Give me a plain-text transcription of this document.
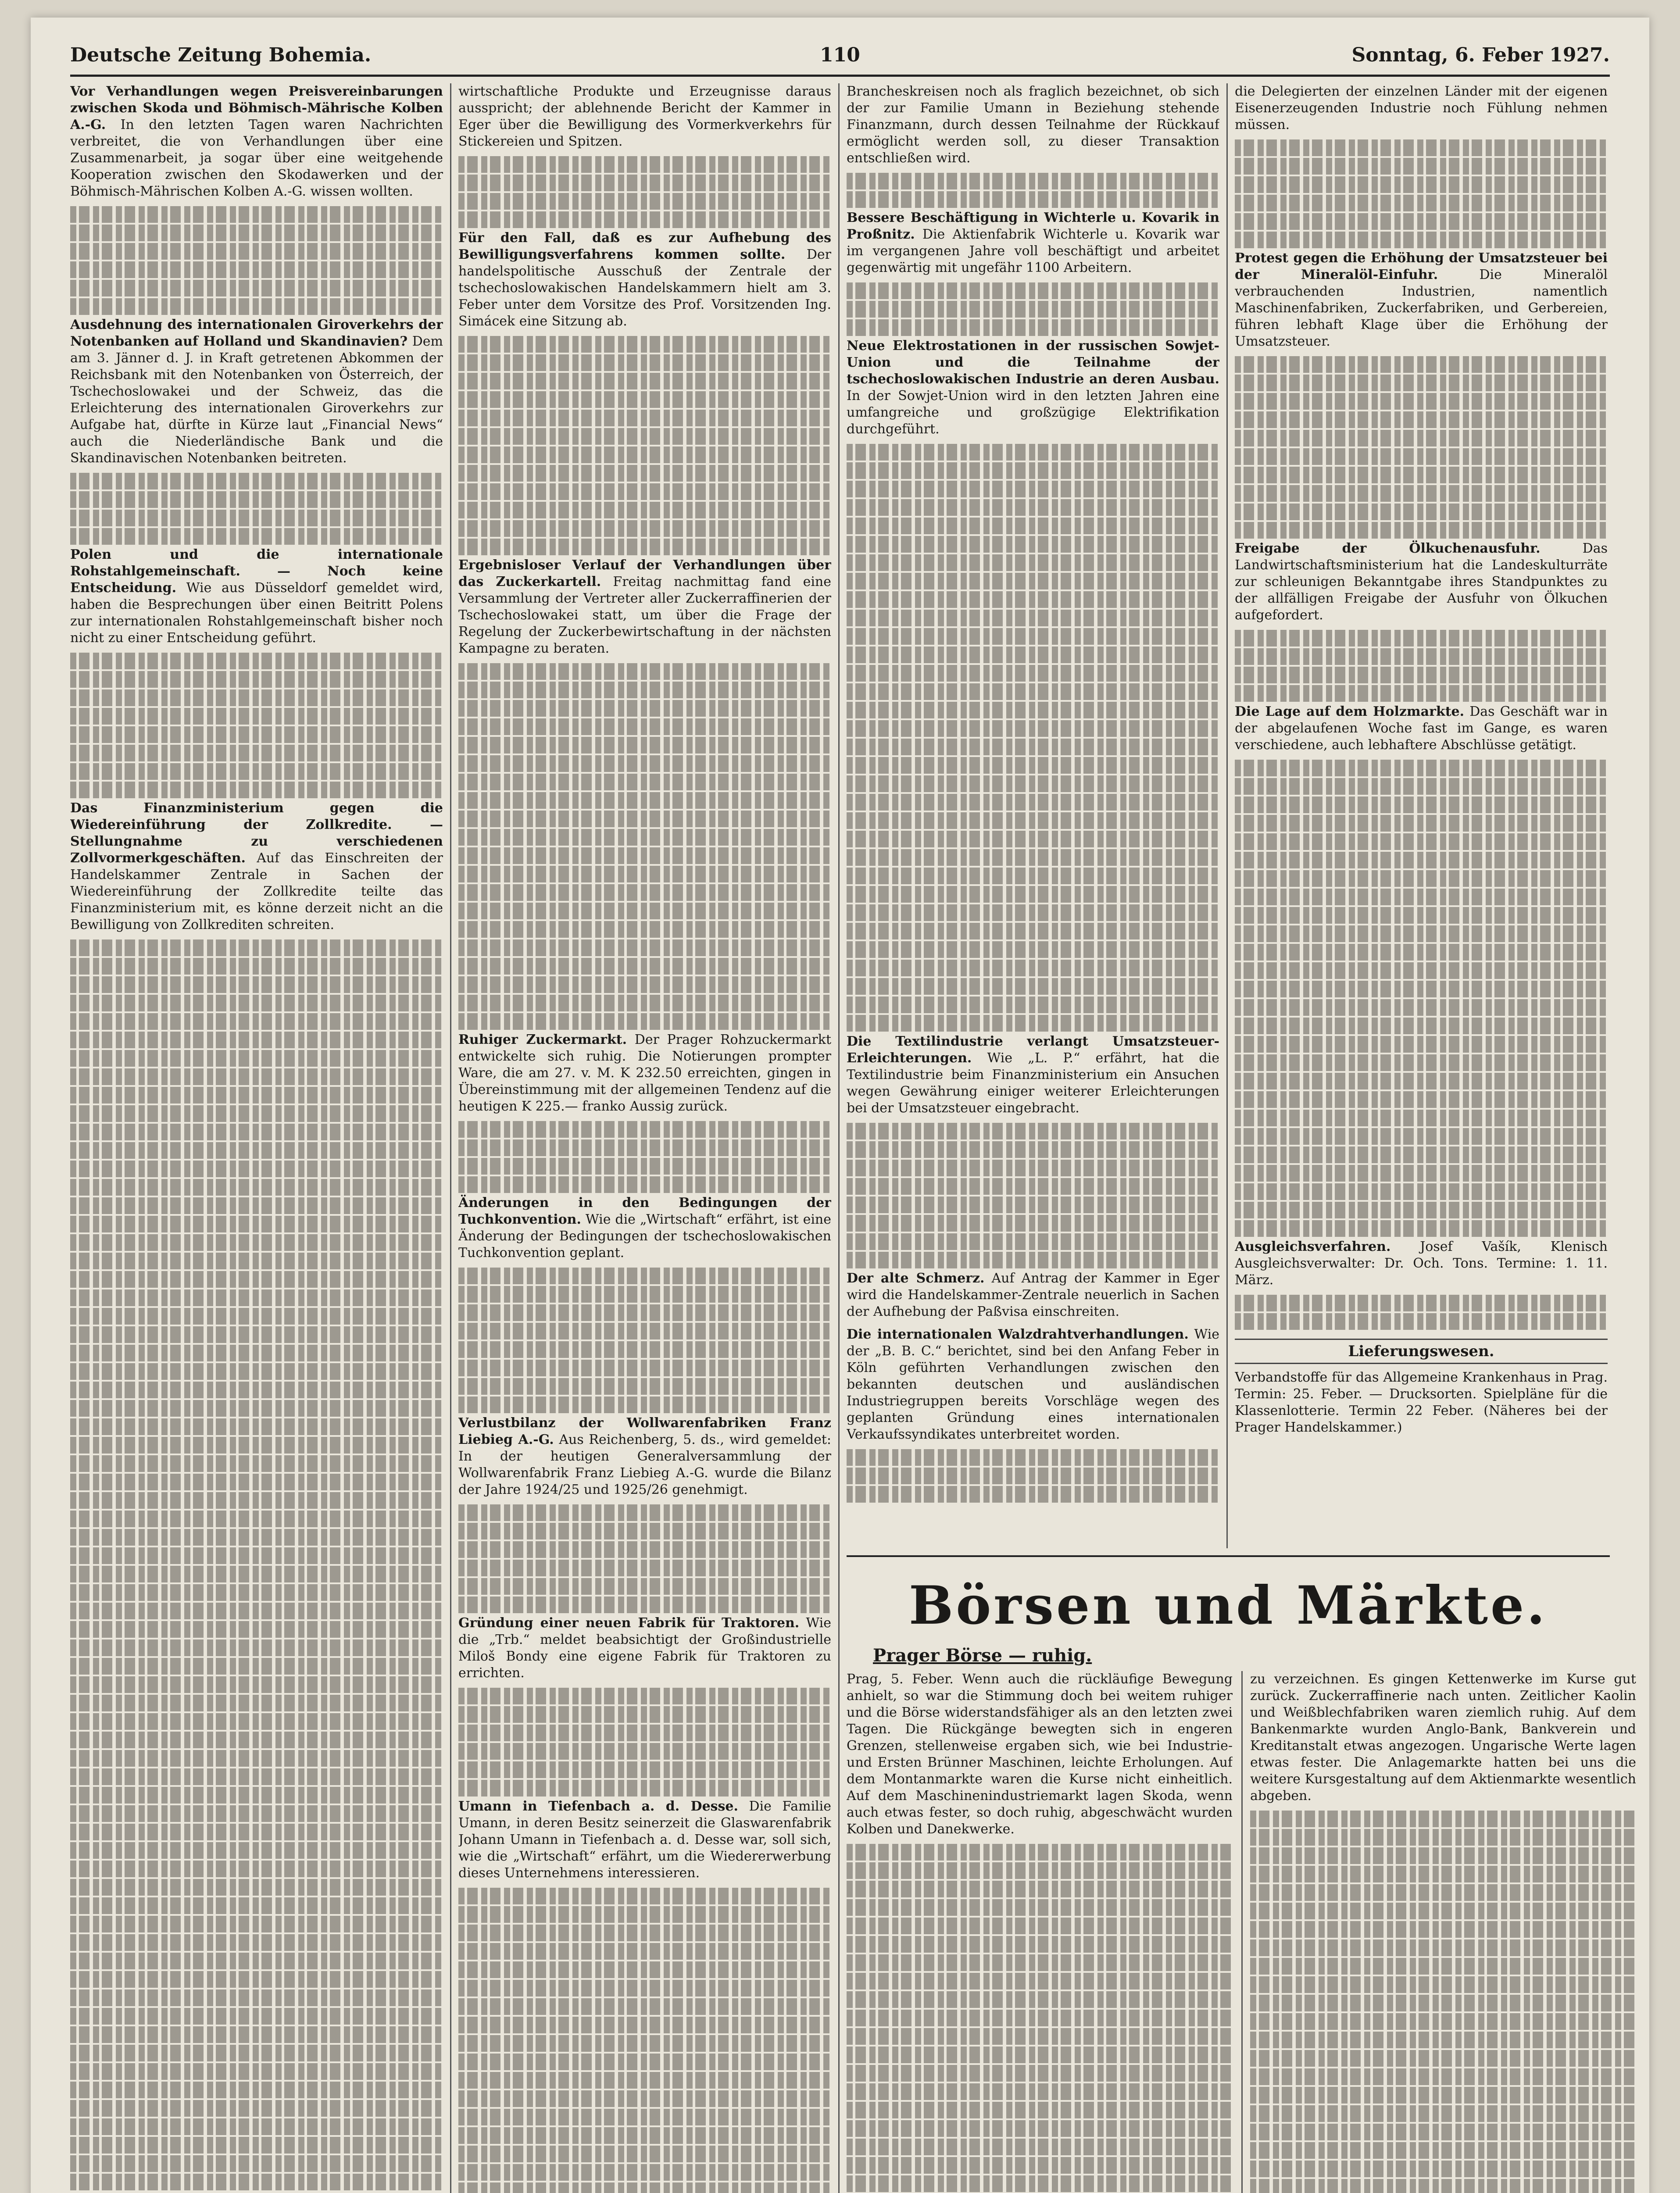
Deutsche Zeitung Bohemia.	110	Sonntag, 6. Feber 1927.

Vor Verhandlungen wegen Preisvereinbarungen zwischen Skoda und Böhmisch-Mährische Kolben A.-G. In den letzten Tagen waren Nachrichten verbreitet, die von Verhandlungen über eine Zusammenarbeit, ja sogar über eine weitgehende Kooperation zwischen den Skodawerken und der Böhmisch-Mährischen Kolben A.-G. wissen wollten.

Ausdehnung des internationalen Giroverkehrs der Notenbanken auf Holland und Skandinavien? Dem am 3. Jänner d. J. in Kraft getretenen Abkommen der Reichsbank mit den Notenbanken von Österreich, der Tschechoslowakei und der Schweiz, das die Erleichterung des internationalen Giroverkehrs zur Aufgabe hat, dürfte in Kürze laut „Financial News“ auch die Niederländische Bank und die Skandinavischen Notenbanken beitreten.

Polen und die internationale Rohstahlgemeinschaft. — Noch keine Entscheidung. Wie aus Düsseldorf gemeldet wird, haben die Besprechungen über einen Beitritt Polens zur internationalen Rohstahlgemeinschaft bisher noch nicht zu einer Entscheidung geführt.

Das Finanzministerium gegen die Wiedereinführung der Zollkredite. — Stellungnahme zu verschiedenen Zollvormerkgeschäften. Auf das Einschreiten der Handelskammer Zentrale in Sachen der Wiedereinführung der Zollkredite teilte das Finanzministerium mit, es könne derzeit nicht an die Bewilligung von Zollkrediten schreiten.

wirtschaftliche Produkte und Erzeugnisse daraus ausspricht; der ablehnende Bericht der Kammer in Eger über die Bewilligung des Vormerkverkehrs für Stickereien und Spitzen.

Für den Fall, daß es zur Aufhebung des Bewilligungsverfahrens kommen sollte. Der handelspolitische Ausschuß der Zentrale der tschechoslowakischen Handelskammern hielt am 3. Feber unter dem Vorsitze des Prof. Vorsitzenden Ing. Simácek eine Sitzung ab.

Ergebnisloser Verlauf der Verhandlungen über das Zuckerkartell. Freitag nachmittag fand eine Versammlung der Vertreter aller Zuckerraffinerien der Tschechoslowakei statt, um über die Frage der Regelung der Zuckerbewirtschaftung in der nächsten Kampagne zu beraten.

Ruhiger Zuckermarkt. Der Prager Rohzuckermarkt entwickelte sich ruhig. Die Notierungen prompter Ware, die am 27. v. M. K 232.50 erreichten, gingen in Übereinstimmung mit der allgemeinen Tendenz auf die heutigen K 225.— franko Aussig zurück.

Änderungen in den Bedingungen der Tuchkonvention. Wie die „Wirtschaft“ erfährt, ist eine Änderung der Bedingungen der tschechoslowakischen Tuchkonvention geplant.

Verlustbilanz der Wollwarenfabriken Franz Liebieg A.-G. Aus Reichenberg, 5. ds., wird gemeldet: In der heutigen Generalversammlung der Wollwarenfabrik Franz Liebieg A.-G. wurde die Bilanz der Jahre 1924/25 und 1925/26 genehmigt.

Gründung einer neuen Fabrik für Traktoren. Wie die „Trb.“ meldet beabsichtigt der Großindustrielle Miloš Bondy eine eigene Fabrik für Traktoren zu errichten.

Umann in Tiefenbach a. d. Desse. Die Familie Umann, in deren Besitz seinerzeit die Glaswarenfabrik Johann Umann in Tiefenbach a. d. Desse war, soll sich, wie die „Wirtschaft“ erfährt, um die Wiedererwerbung dieses Unternehmens interessieren.

Brancheskreisen noch als fraglich bezeichnet, ob sich der zur Familie Umann in Beziehung stehende Finanzmann, durch dessen Teilnahme der Rückkauf ermöglicht werden soll, zu dieser Transaktion entschließen wird.

Bessere Beschäftigung in Wichterle u. Kovarik in Proßnitz. Die Aktienfabrik Wichterle u. Kovarik war im vergangenen Jahre voll beschäftigt und arbeitet gegenwärtig mit ungefähr 1100 Arbeitern.

Neue Elektrostationen in der russischen Sowjet-Union und die Teilnahme der tschechoslowakischen Industrie an deren Ausbau. In der Sowjet-Union wird in den letzten Jahren eine umfangreiche und großzügige Elektrifikation durchgeführt.

Die Textilindustrie verlangt Umsatzsteuer-Erleichterungen. Wie „L. P.“ erfährt, hat die Textilindustrie beim Finanzministerium ein Ansuchen wegen Gewährung einiger weiterer Erleichterungen bei der Umsatzsteuer eingebracht.

Der alte Schmerz. Auf Antrag der Kammer in Eger wird die Handelskammer-Zentrale neuerlich in Sachen der Aufhebung der Paßvisa einschreiten.

Die internationalen Walzdrahtverhandlungen. Wie der „B. B. C.“ berichtet, sind bei den Anfang Feber in Köln geführten Verhandlungen zwischen den bekannten deutschen und ausländischen Industriegruppen bereits Vorschläge wegen des geplanten Gründung eines internationalen Verkaufssyndikates unterbreitet worden.

die Delegierten der einzelnen Länder mit der eigenen Eisenerzeugenden Industrie noch Fühlung nehmen müssen.

Protest gegen die Erhöhung der Umsatzsteuer bei der Mineralöl-Einfuhr.	Die Mineralöl verbrauchenden Industrien, namentlich Maschinenfabriken, Zuckerfabriken, und Gerbereien, führen lebhaft Klage über die Erhöhung der Umsatzsteuer.

Freigabe der Ölkuchenausfuhr.	Das Landwirtschaftsministerium hat die Landeskulturräte zur schleunigen Bekanntgabe ihres Standpunktes zu der allfälligen Freigabe der Ausfuhr von Ölkuchen aufgefordert.

Die Lage auf dem Holzmarkte. Das Geschäft war in der abgelaufenen Woche fast im Gange, es waren verschiedene, auch lebhaftere Abschlüsse getätigt.

Ausgleichsverfahren. Josef Vašík, Klenisch Ausgleichsverwalter: Dr. Och. Tons. Termine: 1. 11. März.

Lieferungswesen.

Verbandstoffe für das Allgemeine Krankenhaus in Prag. Termin: 25. Feber. — Drucksorten. Spielpläne für die Klassenlotterie. Termin 22 Feber. (Näheres bei der Prager Handelskammer.)

Börsen und Märkte.
Prager Börse — ruhig.

Prag, 5. Feber. Wenn auch die rückläufige Bewegung anhielt, so war die Stimmung doch bei weitem ruhiger und die Börse widerstandsfähiger als an den letzten zwei Tagen. Die Rückgänge bewegten sich in engeren Grenzen, stellenweise ergaben sich, wie bei Industrie- und Ersten Brünner Maschinen, leichte Erholungen. Auf dem Montanmarkte waren die Kurse nicht einheitlich. Auf dem Maschinenindustriemarkt lagen Skoda, wenn auch etwas fester, so doch ruhig, abgeschwächt wurden Kolben und Danekwerke.

zu verzeichnen. Es gingen Kettenwerke im Kurse gut zurück. Zuckerraffinerie nach unten. Zeitlicher Kaolin und Weißblechfabriken waren ziemlich ruhig. Auf dem Bankenmarkte wurden Anglo-Bank, Bankverein und Kreditanstalt etwas angezogen. Ungarische Werte lagen etwas fester. Die Anlagemarkte hatten bei uns die weitere Kursgestaltung auf dem Aktienmarkte wesentlich abgeben.
